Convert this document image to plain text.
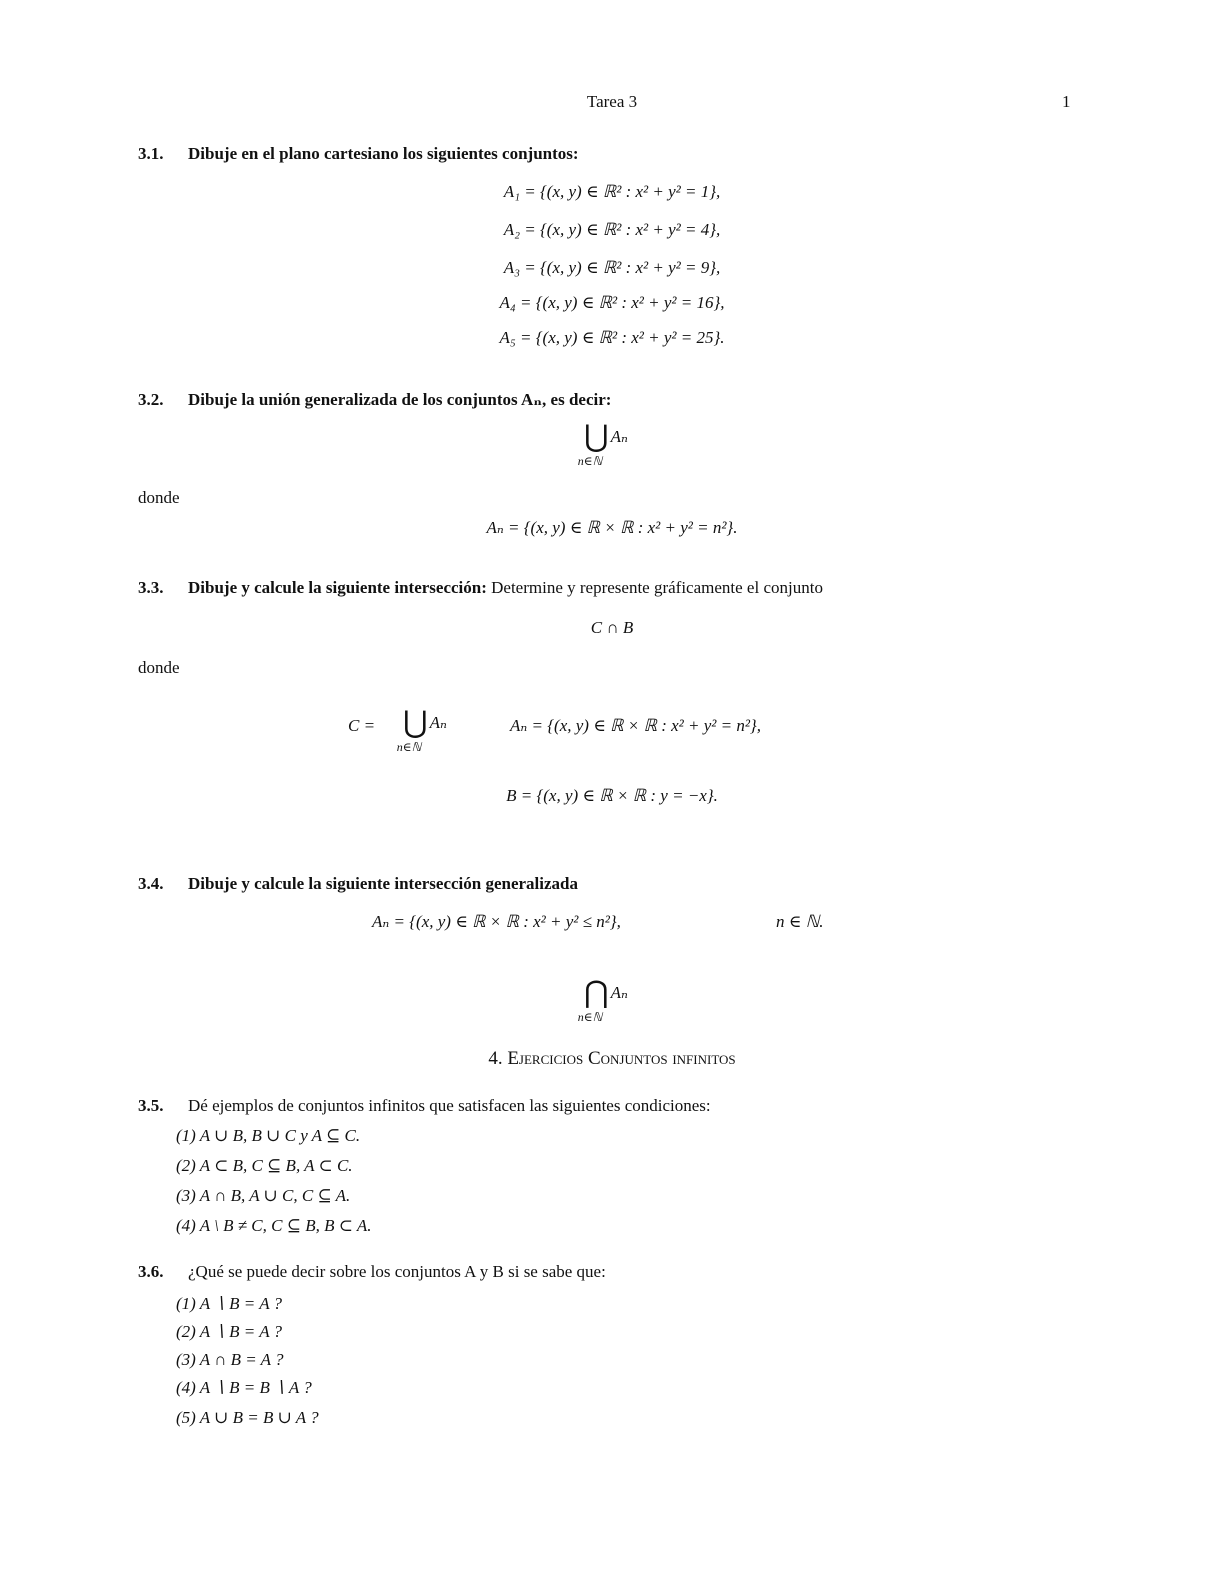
Tarea 3	1
3.1. Dibuje en el plano cartesiano los siguientes conjuntos:
A₁ = {(x, y) ∈ ℝ² : x² + y² = 1},
A₂ = {(x, y) ∈ ℝ² : x² + y² = 4},
A₃ = {(x, y) ∈ ℝ² : x² + y² = 9},
A₄ = {(x, y) ∈ ℝ² : x² + y² = 16},
A₅ = {(x, y) ∈ ℝ² : x² + y² = 25}.
3.2. Dibuje la unión generalizada de los conjuntos Aₙ, es decir:
⋃ Aₙ
n∈ℕ
donde
Aₙ = {(x, y) ∈ ℝ × ℝ : x² + y² = n²}.
3.3. Dibuje y calcule la siguiente intersección: Determine y represente gráficamente el conjunto
C ∩ B
donde
C = ⋃ Aₙ
n∈ℕ
Aₙ = {(x, y) ∈ ℝ × ℝ : x² + y² = n²},
B = {(x, y) ∈ ℝ × ℝ : y = −x}.
3.4. Dibuje y calcule la siguiente intersección generalizada
Aₙ = {(x, y) ∈ ℝ × ℝ : x² + y² ≤ n²},	n ∈ ℕ.
⋂ Aₙ
n∈ℕ
4. Ejercicios Conjuntos infinitos
3.5. Dé ejemplos de conjuntos infinitos que satisfacen las siguientes condiciones:
(1) A ∪ B, B ∪ C y A ⊆ C.
(2) A ⊂ B, C ⊆ B, A ⊂ C.
(3) A ∩ B, A ∪ C, C ⊆ A.
(4) A \ B ≠ C, C ⊆ B, B ⊂ A.
3.6. ¿Qué se puede decir sobre los conjuntos A y B si se sabe que:
(1) A ∖ B = A ?
(2) A ∖ B = A ?
(3) A ∩ B = A ?
(4) A ∖ B = B ∖ A ?
(5) A ∪ B = B ∪ A ?
